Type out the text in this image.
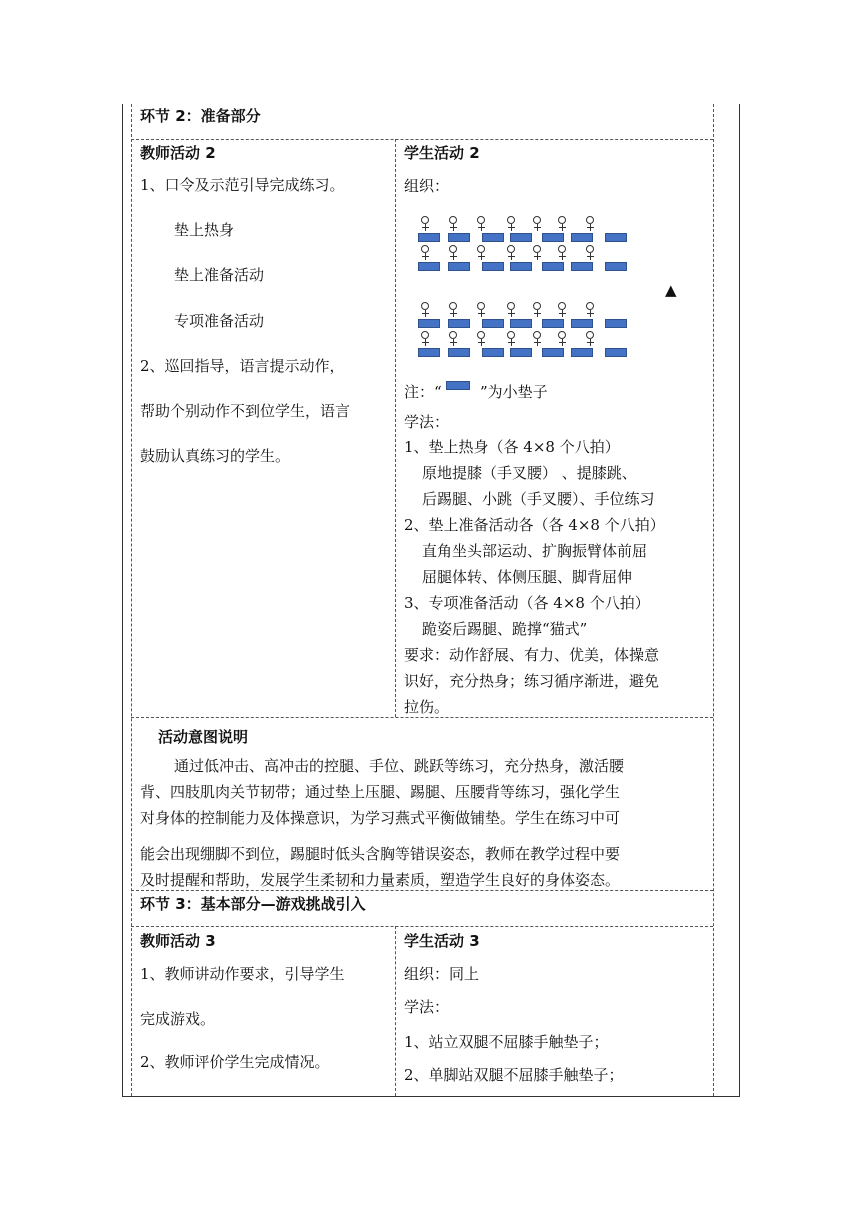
环节 2：准备部分
教师活动 2
1、口令及示范引导完成练习。
垫上热身
垫上准备活动
专项准备活动
2、巡回指导，语言提示动作，
帮助个别动作不到位学生，语言
鼓励认真练习的学生。
学生活动 2
组织：
▲
注：“	”为小垫子
学法：
1、垫上热身（各 4×8 个八拍）
原地提膝（手叉腰） 、提膝跳、
后踢腿、小跳（手叉腰）、手位练习
2、垫上准备活动各（各 4×8 个八拍）
直角坐头部运动、扩胸振臂体前屈
屈腿体转、体侧压腿、脚背屈伸
3、专项准备活动（各 4×8 个八拍）
跪姿后踢腿、跪撑“猫式”
要求：动作舒展、有力、优美，体操意
识好，充分热身；练习循序渐进，避免
拉伤。
活动意图说明
通过低冲击、高冲击的控腿、手位、跳跃等练习，充分热身，激活腰
背、四肢肌肉关节韧带；通过垫上压腿、踢腿、压腰背等练习，强化学生
对身体的控制能力及体操意识，为学习燕式平衡做铺垫。学生在练习中可
能会出现绷脚不到位，踢腿时低头含胸等错误姿态，教师在教学过程中要
及时提醒和帮助，发展学生柔韧和力量素质，塑造学生良好的身体姿态。
环节 3：基本部分—游戏挑战引入
教师活动 3
1、教师讲动作要求，引导学生
完成游戏。
2、教师评价学生完成情况。
学生活动 3
组织：同上
学法：
1、站立双腿不屈膝手触垫子；
2、单脚站双腿不屈膝手触垫子；
